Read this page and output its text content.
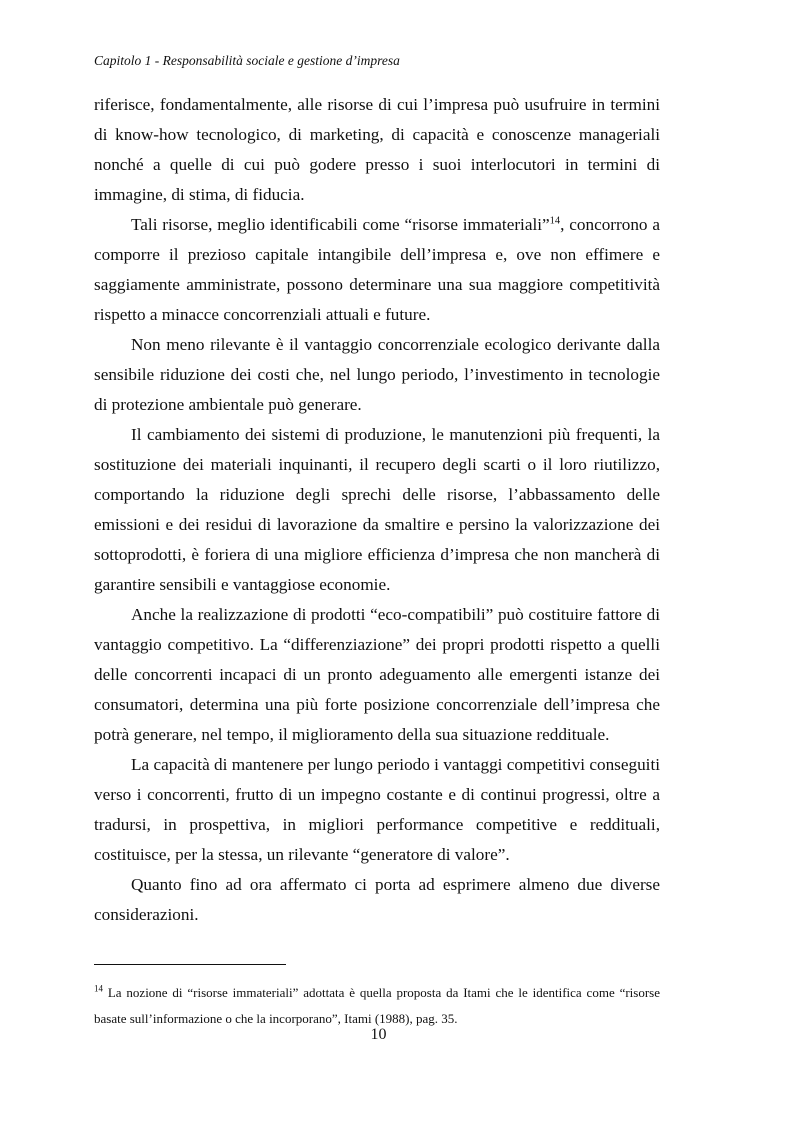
Capitolo 1 - Responsabilità sociale e gestione d’impresa

riferisce, fondamentalmente, alle risorse di cui l’impresa può usufruire in termini di know-how tecnologico, di marketing, di capacità e conoscenze manageriali nonché a quelle di cui può godere presso i suoi interlocutori in termini di immagine, di stima, di fiducia.

Tali risorse, meglio identificabili come “risorse immateriali”$^{14}$, concorrono a comporre il prezioso capitale intangibile dell’impresa e, ove non effimere e saggiamente amministrate, possono determinare una sua maggiore competitività rispetto a minacce concorrenziali attuali e future.

Non meno rilevante è il vantaggio concorrenziale ecologico derivante dalla sensibile riduzione dei costi che, nel lungo periodo, l’investimento in tecnologie di protezione ambientale può generare.

Il cambiamento dei sistemi di produzione, le manutenzioni più frequenti, la sostituzione dei materiali inquinanti, il recupero degli scarti o il loro riutilizzo, comportando la riduzione degli sprechi delle risorse, l’abbassamento delle emissioni e dei residui di lavorazione da smaltire e persino la valorizzazione dei sottoprodotti, è foriera di una migliore efficienza d’impresa che non mancherà di garantire sensibili e vantaggiose economie.

Anche la realizzazione di prodotti “eco-compatibili” può costituire fattore di vantaggio competitivo. La “differenziazione” dei propri prodotti rispetto a quelli delle concorrenti incapaci di un pronto adeguamento alle emergenti istanze dei consumatori, determina una più forte posizione concorrenziale dell’impresa che potrà generare, nel tempo, il miglioramento della sua situazione reddituale.

La capacità di mantenere per lungo periodo i vantaggi competitivi conseguiti verso i concorrenti, frutto di un impegno costante e di continui progressi, oltre a tradursi, in prospettiva, in migliori performance competitive e reddituali, costituisce, per la stessa, un rilevante “generatore di valore”.

Quanto fino ad ora affermato ci porta ad esprimere almeno due diverse considerazioni.

$^{14}$ La nozione di “risorse immateriali” adottata è quella proposta da Itami che le identifica come “risorse basate sull’informazione o che la incorporano”, Itami (1988), pag. 35.
10
